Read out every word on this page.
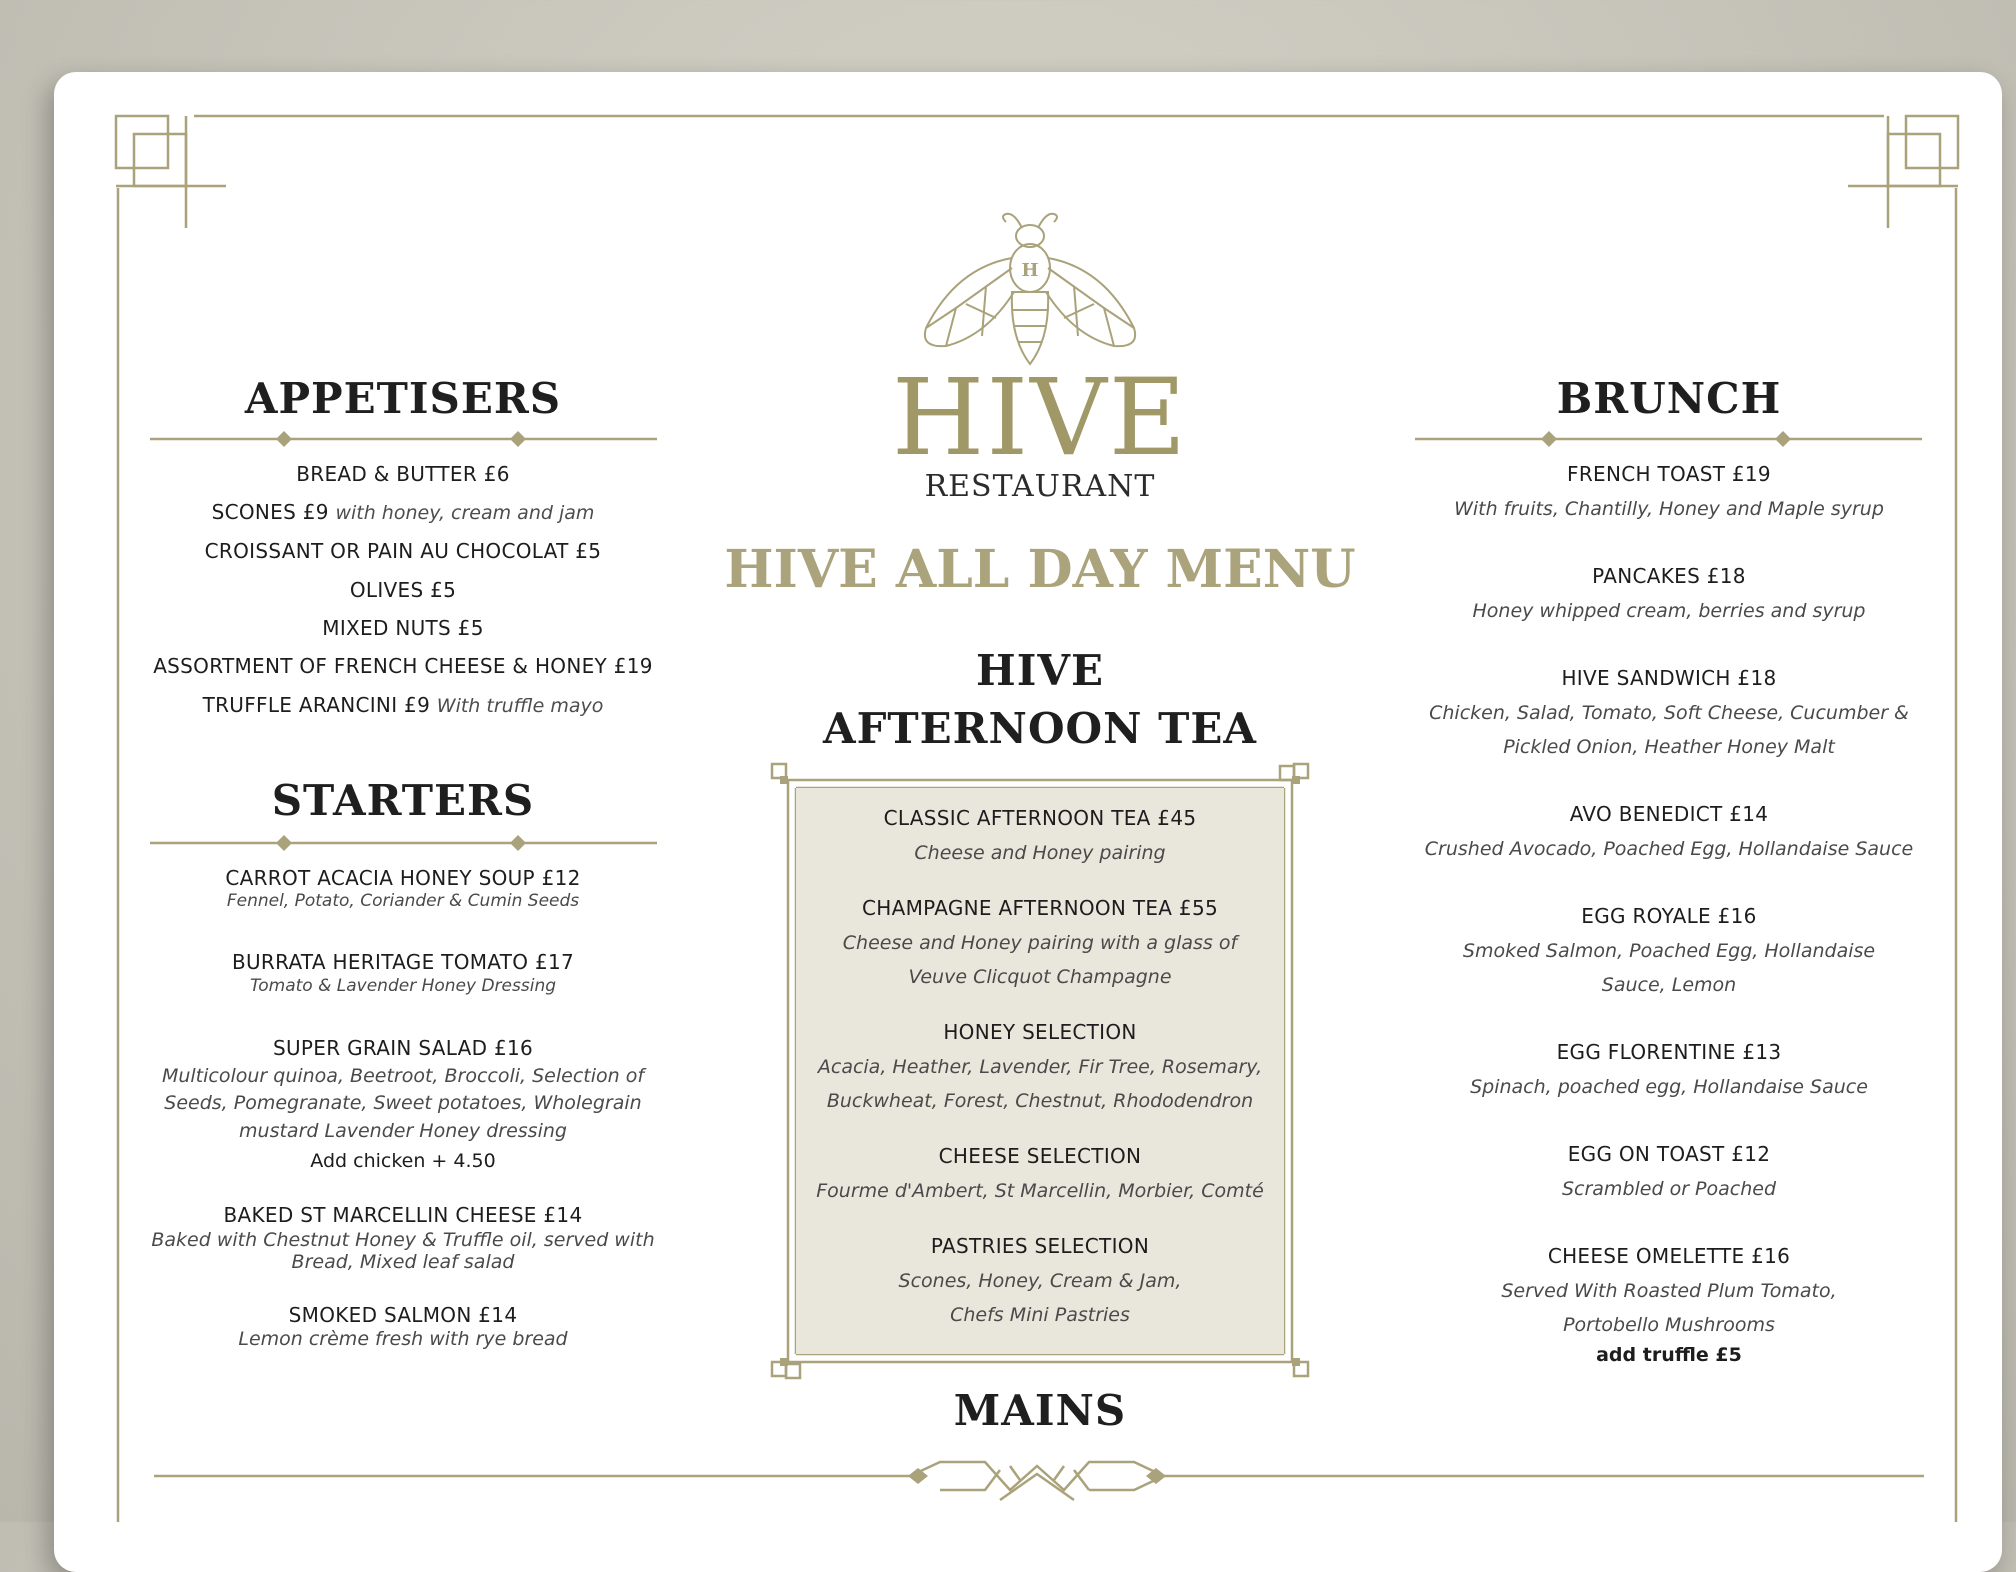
H
HIVE
RESTAURANT
HIVE ALL DAY MENU
HIVE
AFTERNOON TEA
CLASSIC AFTERNOON TEA £45
Cheese and Honey pairing
CHAMPAGNE AFTERNOON TEA £55
Cheese and Honey pairing with a glass of
Veuve Clicquot Champagne
HONEY SELECTION
Acacia, Heather, Lavender, Fir Tree, Rosemary,
Buckwheat, Forest, Chestnut, Rhododendron
CHEESE SELECTION
Fourme d'Ambert, St Marcellin, Morbier, Comté
PASTRIES SELECTION
Scones, Honey, Cream & Jam,
Chefs Mini Pastries
MAINS
APPETISERS
BREAD & BUTTER £6
SCONES £9 with honey, cream and jam
CROISSANT OR PAIN AU CHOCOLAT £5
OLIVES £5
MIXED NUTS £5
ASSORTMENT OF FRENCH CHEESE & HONEY £19
TRUFFLE ARANCINI £9 With truffle mayo
STARTERS
CARROT ACACIA HONEY SOUP £12
Fennel, Potato, Coriander & Cumin Seeds
BURRATA HERITAGE TOMATO £17
Tomato & Lavender Honey Dressing
SUPER GRAIN SALAD £16
Multicolour quinoa, Beetroot, Broccoli, Selection of
Seeds, Pomegranate, Sweet potatoes, Wholegrain
mustard Lavender Honey dressing
Add chicken + 4.50
BAKED ST MARCELLIN CHEESE £14
Baked with Chestnut Honey & Truffle oil, served with
Bread, Mixed leaf salad
SMOKED SALMON £14
Lemon crème fresh with rye bread
BRUNCH
FRENCH TOAST £19
With fruits, Chantilly, Honey and Maple syrup
PANCAKES £18
Honey whipped cream, berries and syrup
HIVE SANDWICH £18
Chicken, Salad, Tomato, Soft Cheese, Cucumber &
Pickled Onion, Heather Honey Malt
AVO BENEDICT £14
Crushed Avocado, Poached Egg, Hollandaise Sauce
EGG ROYALE £16
Smoked Salmon, Poached Egg, Hollandaise
Sauce, Lemon
EGG FLORENTINE £13
Spinach, poached egg, Hollandaise Sauce
EGG ON TOAST £12
Scrambled or Poached
CHEESE OMELETTE £16
Served With Roasted Plum Tomato,
Portobello Mushrooms
add truffle £5
